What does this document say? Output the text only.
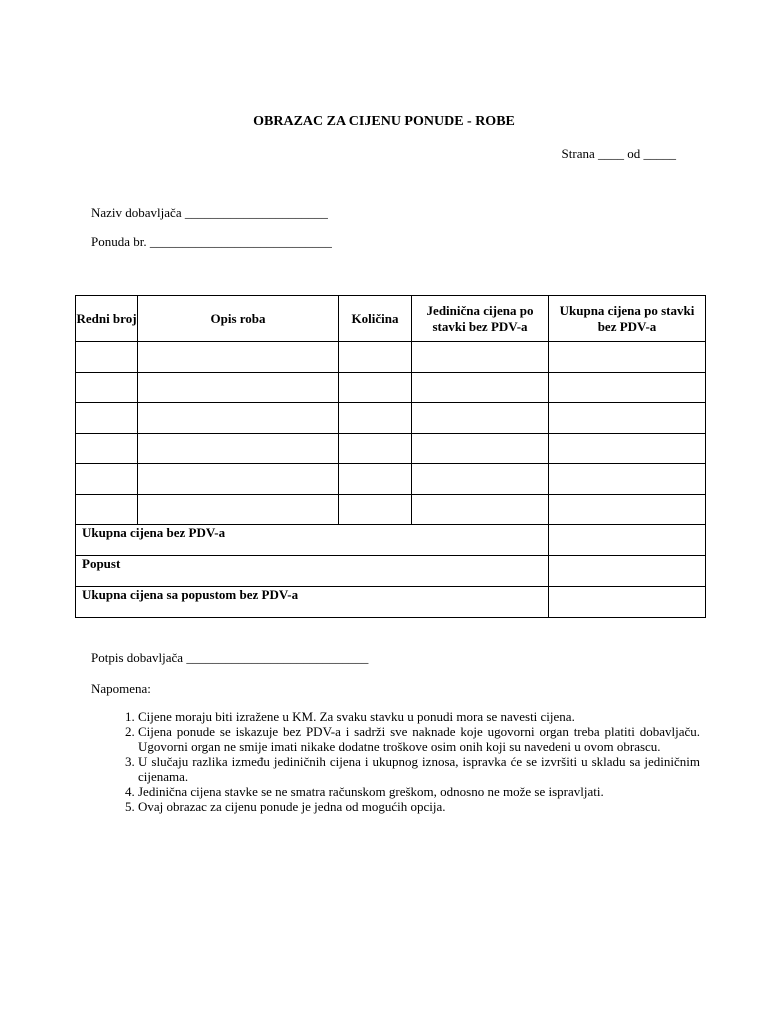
OBRAZAC ZA CIJENU PONUDE - ROBE
Strana ____ od _____
Naziv dobavljača ______________________
Ponuda br. ____________________________
Redni broj	Opis roba	Količina	Jedinična cijena po stavki bez PDV-a	Ukupna cijena po stavki bez PDV-a

Ukupna cijena bez PDV-a				
Popust				
Ukupna cijena sa popustom bez PDV-a				
Potpis dobavljača ____________________________
Napomena:
1. Cijene moraju biti izražene u KM. Za svaku stavku u ponudi mora se navesti cijena.
2. Cijena ponude se iskazuje bez PDV-a i sadrži sve naknade koje ugovorni organ treba platiti dobavljaču. Ugovorni organ ne smije imati nikake dodatne troškove osim onih koji su navedeni u ovom obrascu.
3. U slučaju razlika između jediničnih cijena i ukupnog iznosa, ispravka će se izvršiti u skladu sa jediničnim cijenama.
4. Jedinična cijena stavke se ne smatra računskom greškom, odnosno ne može se ispravljati.
5. Ovaj obrazac za cijenu ponude je jedna od mogućih opcija.
